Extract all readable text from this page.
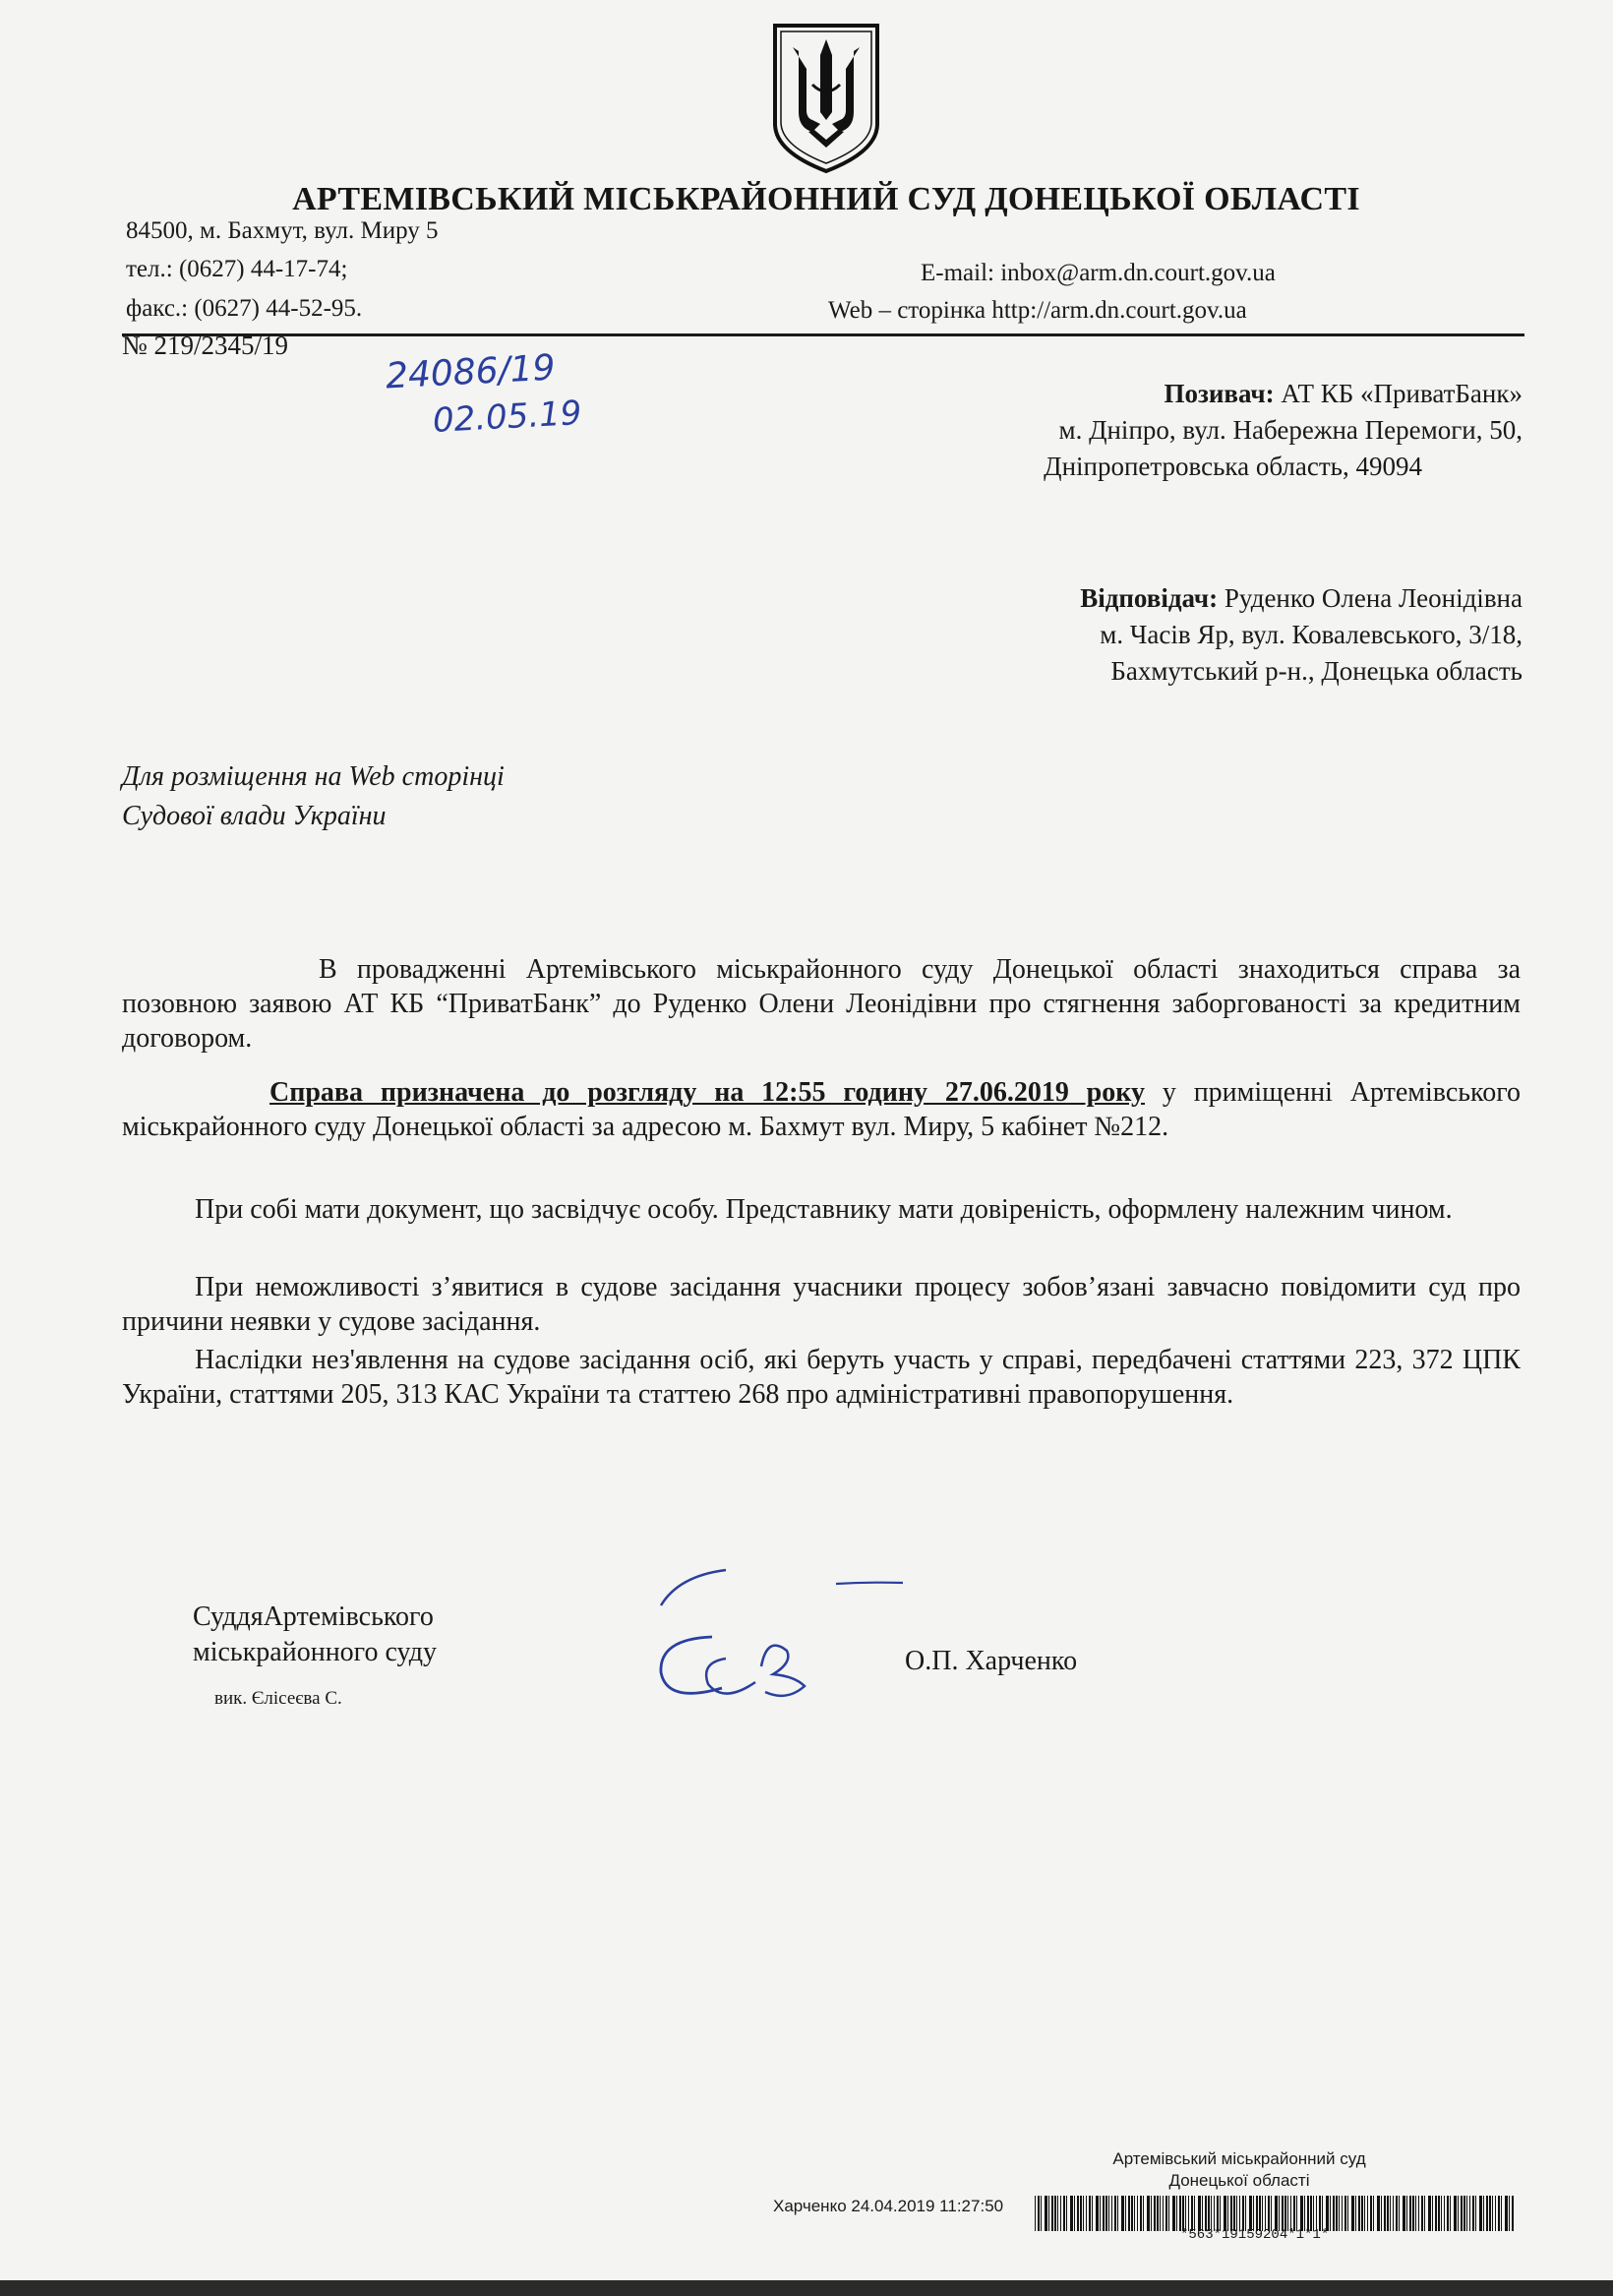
АРТЕМІВСЬКИЙ МІСЬКРАЙОННИЙ СУД ДОНЕЦЬКОЇ ОБЛАСТІ
84500, м. Бахмут, вул. Миру 5
тел.: (0627) 44-17-74;
факс.: (0627) 44-52-95.
E-mail: inbox@arm.dn.court.gov.ua
Web – сторінка http://arm.dn.court.gov.ua
№ 219/2345/19
24086/19
02.05.19
Позивач: АТ КБ «ПриватБанк»
м. Дніпро, вул. Набережна Перемоги, 50,
Дніпропетровська область, 49094
Відповідач: Руденко Олена Леонідівна
м. Часів Яр, вул. Ковалевського, 3/18,
Бахмутський р-н., Донецька область
Для розміщення на Web сторінці
Судової влади України

В провадженні Артемівського міськрайонного суду Донецької області знаходиться справа за позовною заявою АТ КБ “ПриватБанк” до Руденко Олени Леонідівни про стягнення заборгованості за кредитним договором.

Справа призначена до розгляду на 12:55 годину 27.06.2019 року у приміщенні Артемівського міськрайонного суду Донецької області за адресою м. Бахмут вул. Миру, 5 кабінет №212.

При собі мати документ, що засвідчує особу. Представнику мати довіреність, оформлену належним чином.

При неможливості з’явитися в судове засідання учасники процесу зобов’язані завчасно повідомити суд про причини неявки у судове засідання.

Наслідки нез'явлення на судове засідання осіб, які беруть участь у справі, передбачені статтями 223, 372 ЦПК України, статтями 205, 313 КАС України та статтею 268 про адміністративні правопорушення.

СуддяАртемівського
міськрайонного суду
вик. Єлісеєва С.
О.П. Харченко
Артемівський міськрайонний суд
Донецької області
Харченко 24.04.2019 11:27:50
*563*19159204*1*1*
